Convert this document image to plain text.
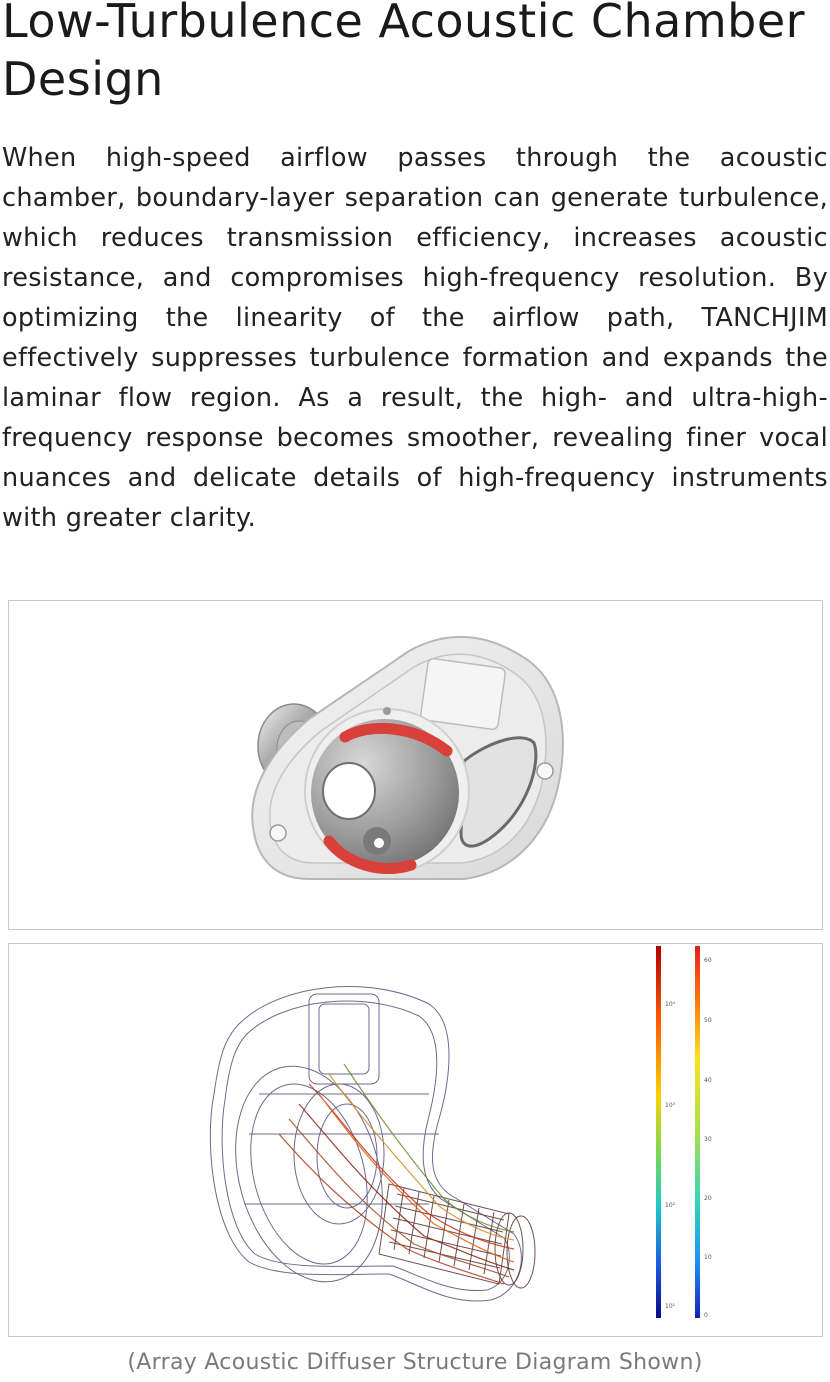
Low-Turbulence Acoustic Chamber Design

When high-speed airflow passes through the acoustic chamber, boundary-layer separation can generate turbulence, which reduces transmission efficiency, increases acoustic resistance, and compromises high-frequency resolution. By optimizing the linearity of the airflow path, TANCHJIM effectively suppresses turbulence formation and expands the laminar flow region. As a result, the high- and ultra-high-frequency response becomes smoother, revealing finer vocal nuances and delicate details of high-frequency instruments with greater clarity.

10⁴
10³
10²
10¹
60
50
40
30
20
10
0
(Array Acoustic Diffuser Structure Diagram Shown)
